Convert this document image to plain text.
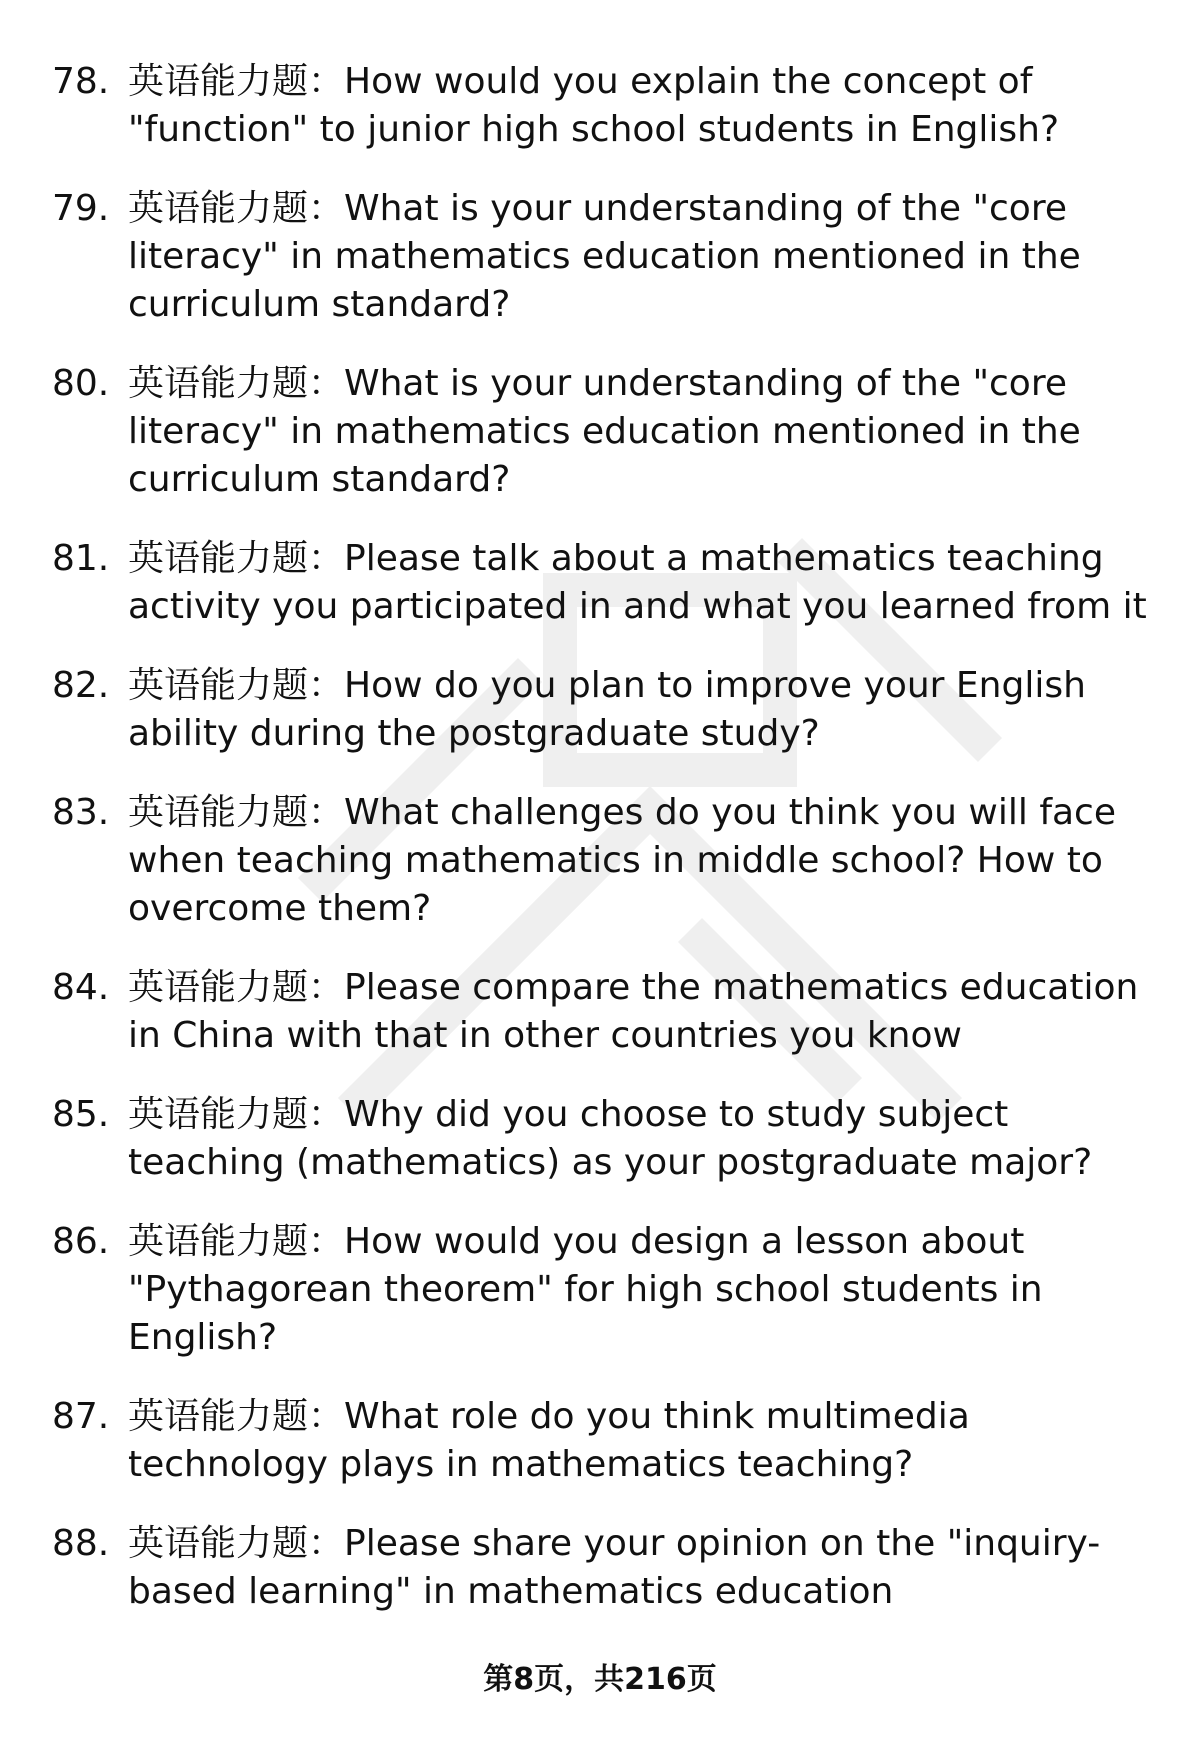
78. 英语能力题：How would you explain the concept of "function" to junior high school students in English?
79. 英语能力题：What is your understanding of the "core literacy" in mathematics education mentioned in the curriculum standard?
80. 英语能力题：What is your understanding of the "core literacy" in mathematics education mentioned in the curriculum standard?
81. 英语能力题：Please talk about a mathematics teaching activity you participated in and what you learned from it
82. 英语能力题：How do you plan to improve your English ability during the postgraduate study?
83. 英语能力题：What challenges do you think you will face when teaching mathematics in middle school? How to overcome them?
84. 英语能力题：Please compare the mathematics education in China with that in other countries you know
85. 英语能力题：Why did you choose to study subject teaching (mathematics) as your postgraduate major?
86. 英语能力题：How would you design a lesson about "Pythagorean theorem" for high school students in English?
87. 英语能力题：What role do you think multimedia technology plays in mathematics teaching?
88. 英语能力题：Please share your opinion on the "inquiry-based learning" in mathematics education
第8页，共216页
